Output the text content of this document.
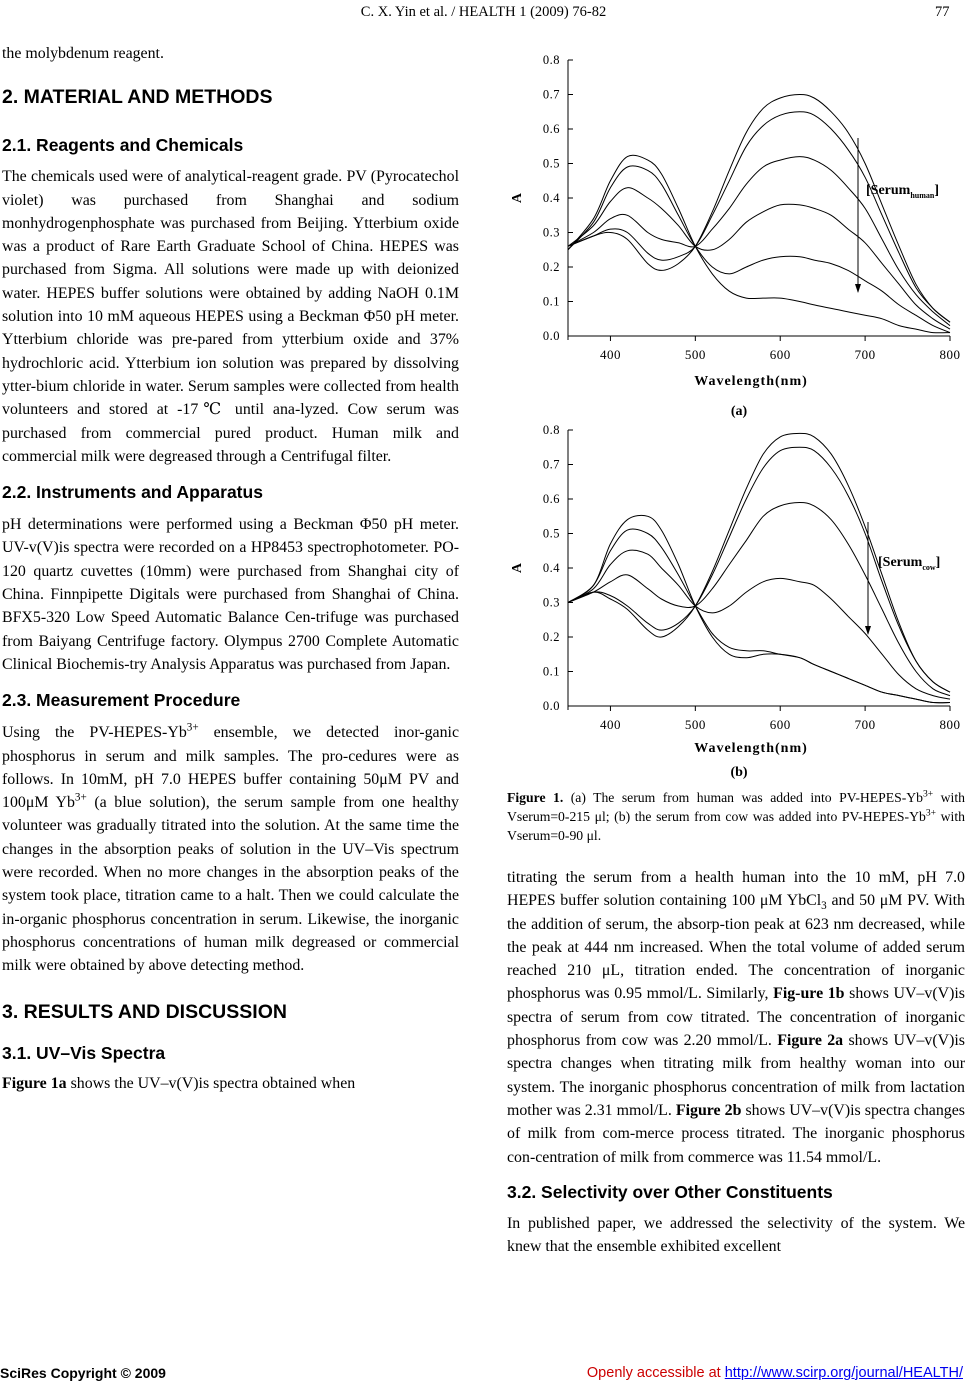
C. X. Yin et al. / HEALTH 1 (2009) 76-82	77

the molybdenum reagent.

2. MATERIAL AND METHODS
2.1. Reagents and Chemicals

The chemicals used were of analytical-reagent grade. PV (Pyrocatechol violet) was purchased from Shanghai and sodium monhydrogenphosphate was purchased from Beijing. Ytterbium oxide was a product of Rare Earth Graduate School of China. HEPES was purchased from Sigma. All solutions were made up with deionized water. HEPES buffer solutions were obtained by adding NaOH 0.1M solution into 10 mM aqueous HEPES using a Beckman Φ50 pH meter. Ytterbium chloride was pre-pared from ytterbium oxide and 37% hydrochloric acid. Ytterbium ion solution was prepared by dissolving ytter-bium chloride in water. Serum samples were collected from health volunteers and stored at -17℃ until ana-lyzed. Cow serum was purchased from commercial pured product. Human milk and commercial milk were degreased through a Centrifugal filter.

2.2. Instruments and Apparatus

pH determinations were performed using a Beckman Φ50 pH meter. UV-v(V)is spectra were recorded on a HP8453 spectrophotometer. PO-120 quartz cuvettes (10mm) were purchased from Shanghai city of China. Finnpipette Digitals were purchased from Shanghai of China. BFX5-320 Low Speed Automatic Balance Cen-trifuge was purchased from Baiyang Centrifuge factory. Olympus 2700 Complete Automatic Clinical Biochemis-try Analysis Apparatus was purchased from Japan.

2.3. Measurement Procedure

Using the $PV-HEPES-Yb^{3+}$ ensemble, we detected inor-ganic phosphorus in serum and milk samples. The pro-cedures were as follows. In 10mM, pH 7.0 HEPES buffer containing 50μM PV and 100μM $Yb^{3+}$ (a blue solution), the serum sample from one healthy volunteer was gradually titrated into the solution. At the same time the changes in the absorption peaks of solution in the UV–Vis spectrum were recorded. When no more changes in the absorption peaks of the system took place, titration came to a halt. Then we could calculate the in-organic phosphorus concentration in serum. Likewise, the inorganic phosphorus concentrations of human milk degreased or commercial milk were obtained by above detecting method.

3. RESULTS AND DISCUSSION
3.1. UV–Vis Spectra

Figure 1a shows the UV–v(V)is spectra obtained when

0.0
0.1
0.2
0.3
0.4
0.5
0.6
0.7
0.8
400	500	600	700	800
Wavelength(nm)
A	[Serum$_{human}$]
(a)
0.0
0.1
0.2
0.3
0.4
0.5
0.6
0.7
0.8
400	500	600	700	800
Wavelength(nm)
A	[Serum$_{cow}$]
(b)
Figure 1. (a) The serum from human was added into $PV-HEPES-Yb^{3+}$ with Vserum=0-215 μl; (b) the serum from cow was added into $PV-HEPES-Yb^{3+}$ with Vserum=0-90 μl.

titrating the serum from a health human into the 10 mM, pH 7.0 HEPES buffer solution containing 100 μM YbCl$_3$ and 50 μM PV. With the addition of serum, the absorp-tion peak at 623 nm decreased, while the peak at 444 nm increased. When the total volume of added serum reached 210 μL, titration ended. The concentration of inorganic phosphorus was 0.95 mmol/L. Similarly, Fig-ure 1b shows UV–v(V)is spectra of serum from cow titrated. The concentration of inorganic phosphorus from cow was 2.20 mmol/L. Figure 2a shows UV–v(V)is spectra changes when titrating milk from healthy woman into our system. The inorganic phosphorus concentration of milk from lactation mother was 2.31 mmol/L. Figure 2b shows UV–v(V)is spectra changes of milk from com-merce process titrated. The inorganic phosphorus con-centration of milk from commerce was 11.54 mmol/L.

3.2. Selectivity over Other Constituents

In published paper, we addressed the selectivity of the system. We knew that the ensemble exhibited excellent

SciRes Copyright © 2009	Openly accessible at http://www.scirp.org/journal/HEALTH/
